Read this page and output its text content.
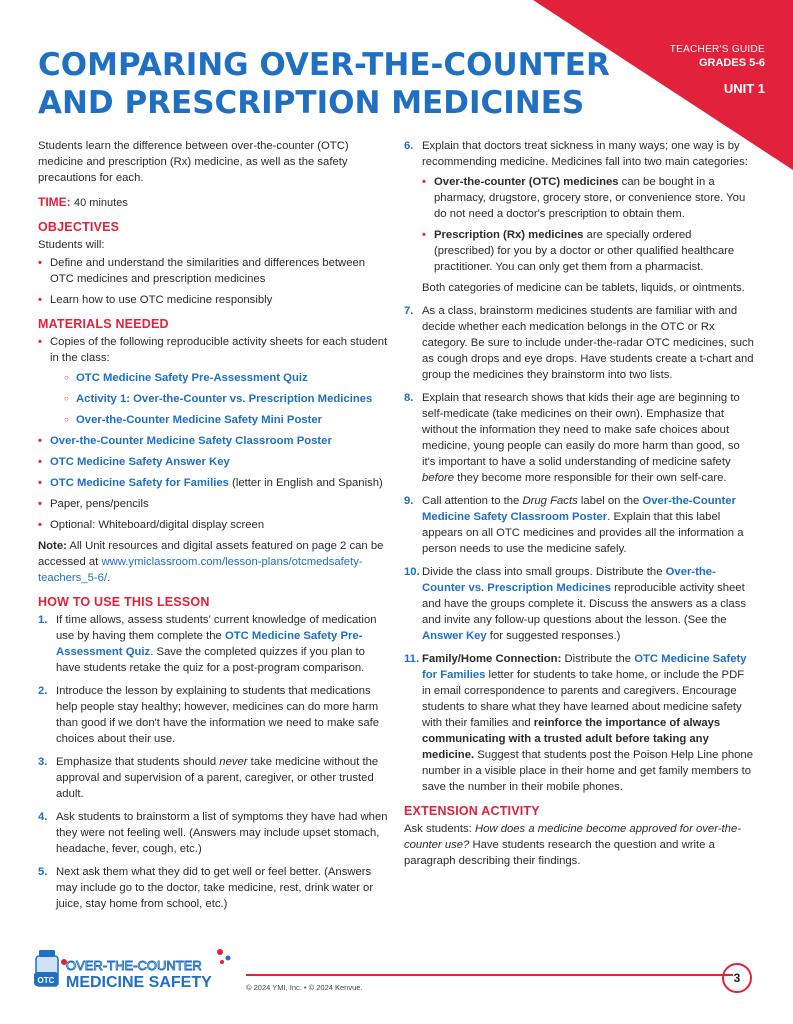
TEACHER'S GUIDE
GRADES 5-6
UNIT 1
COMPARING OVER-THE-COUNTER
AND PRESCRIPTION MEDICINES

Students learn the difference between over-the-counter (OTC) medicine and prescription (Rx) medicine, as well as the safety precautions for each.

TIME: 40 minutes
OBJECTIVES

Students will:

• Define and understand the similarities and differences between OTC medicines and prescription medicines
• Learn how to use OTC medicine responsibly
MATERIALS NEEDED
• Copies of the following reproducible activity sheets for each student in the class:
○ OTC Medicine Safety Pre-Assessment Quiz
○ Activity 1: Over-the-Counter vs. Prescription Medicines
○ Over-the-Counter Medicine Safety Mini Poster
• Over-the-Counter Medicine Safety Classroom Poster
• OTC Medicine Safety Answer Key
• OTC Medicine Safety for Families (letter in English and Spanish)
• Paper, pens/pencils
• Optional: Whiteboard/digital display screen

Note: All Unit resources and digital assets featured on page 2 can be accessed at www.ymiclassroom.com/lesson-plans/otcmedsafety-teachers_5-6/.

HOW TO USE THIS LESSON
1. If time allows, assess students' current knowledge of medication use by having them complete the OTC Medicine Safety Pre-Assessment Quiz. Save the completed quizzes if you plan to have students retake the quiz for a post-program comparison.
2. Introduce the lesson by explaining to students that medications help people stay healthy; however, medicines can do more harm than good if we don't have the information we need to make safe choices about their use.
3. Emphasize that students should never take medicine without the approval and supervision of a parent, caregiver, or other trusted adult.
4. Ask students to brainstorm a list of symptoms they have had when they were not feeling well. (Answers may include upset stomach, headache, fever, cough, etc.)
5. Next ask them what they did to get well or feel better. (Answers may include go to the doctor, take medicine, rest, drink water or juice, stay home from school, etc.)
6. Explain that doctors treat sickness in many ways; one way is by recommending medicine. Medicines fall into two main categories:
• Over-the-counter (OTC) medicines can be bought in a pharmacy, drugstore, grocery store, or convenience store. You do not need a doctor's prescription to obtain them.
• Prescription (Rx) medicines are specially ordered (prescribed) for you by a doctor or other qualified healthcare practitioner. You can only get them from a pharmacist.

Both categories of medicine can be tablets, liquids, or ointments.

7. As a class, brainstorm medicines students are familiar with and decide whether each medication belongs in the OTC or Rx category. Be sure to include under-the-radar OTC medicines, such as cough drops and eye drops. Have students create a t-chart and group the medicines they brainstorm into two lists.
8. Explain that research shows that kids their age are beginning to self-medicate (take medicines on their own). Emphasize that without the information they need to make safe choices about medicine, young people can easily do more harm than good, so it's important to have a solid understanding of medicine safety before they become more responsible for their own self-care.
9. Call attention to the Drug Facts label on the Over-the-Counter Medicine Safety Classroom Poster. Explain that this label appears on all OTC medicines and provides all the information a person needs to use the medicine safely.
10. Divide the class into small groups. Distribute the Over-the-Counter vs. Prescription Medicines reproducible activity sheet and have the groups complete it. Discuss the answers as a class and invite any follow-up questions about the lesson. (See the Answer Key for suggested responses.)
11. Family/Home Connection: Distribute the OTC Medicine Safety for Families letter for students to take home, or include the PDF in email correspondence to parents and caregivers. Encourage students to share what they have learned about medicine safety with their families and reinforce the importance of always communicating with a trusted adult before taking any medicine. Suggest that students post the Poison Help Line phone number in a visible place in their home and get family members to save the number in their mobile phones.
EXTENSION ACTIVITY

Ask students: How does a medicine become approved for over-the-counter use? Have students research the question and write a paragraph describing their findings.

OTC
OVER-THE-COUNTER
MEDICINE SAFETY	© 2024 YMI, Inc. • © 2024 Kenvue.
3
